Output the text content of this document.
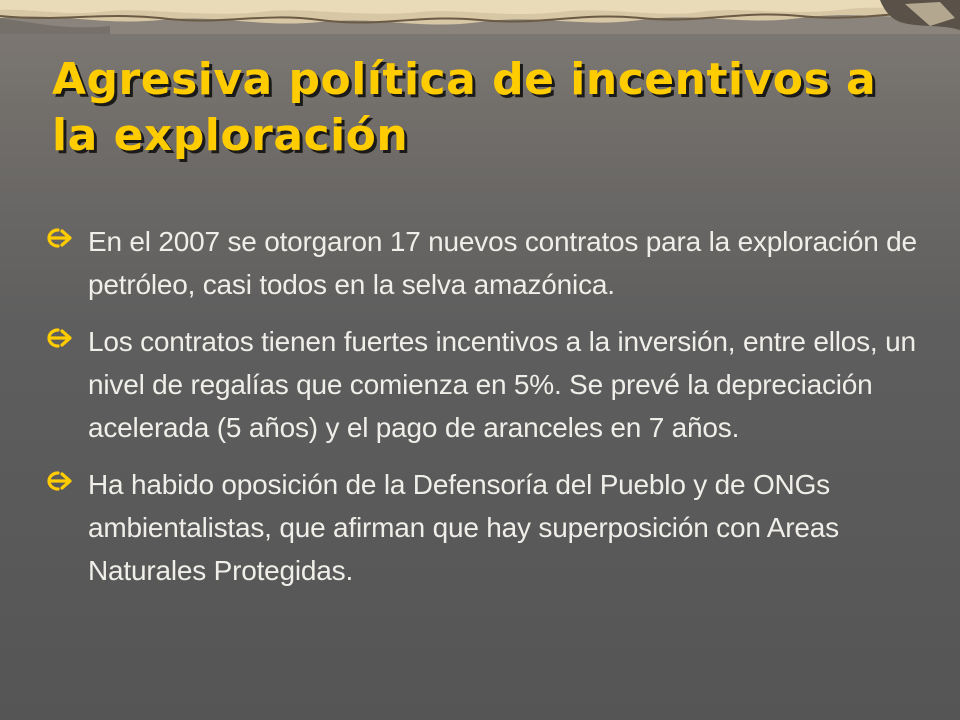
Agresiva política de incentivos a la exploración
En el 2007 se otorgaron 17 nuevos contratos para la exploración de petróleo, casi todos en la selva amazónica.
Los contratos tienen fuertes incentivos a la inversión, entre ellos, un nivel de regalías que comienza en 5%. Se prevé la depreciación acelerada (5 años) y el pago de aranceles en 7 años.
Ha habido oposición de la Defensoría del Pueblo y de ONGs ambientalistas, que afirman que hay superposición con Areas Naturales Protegidas.
